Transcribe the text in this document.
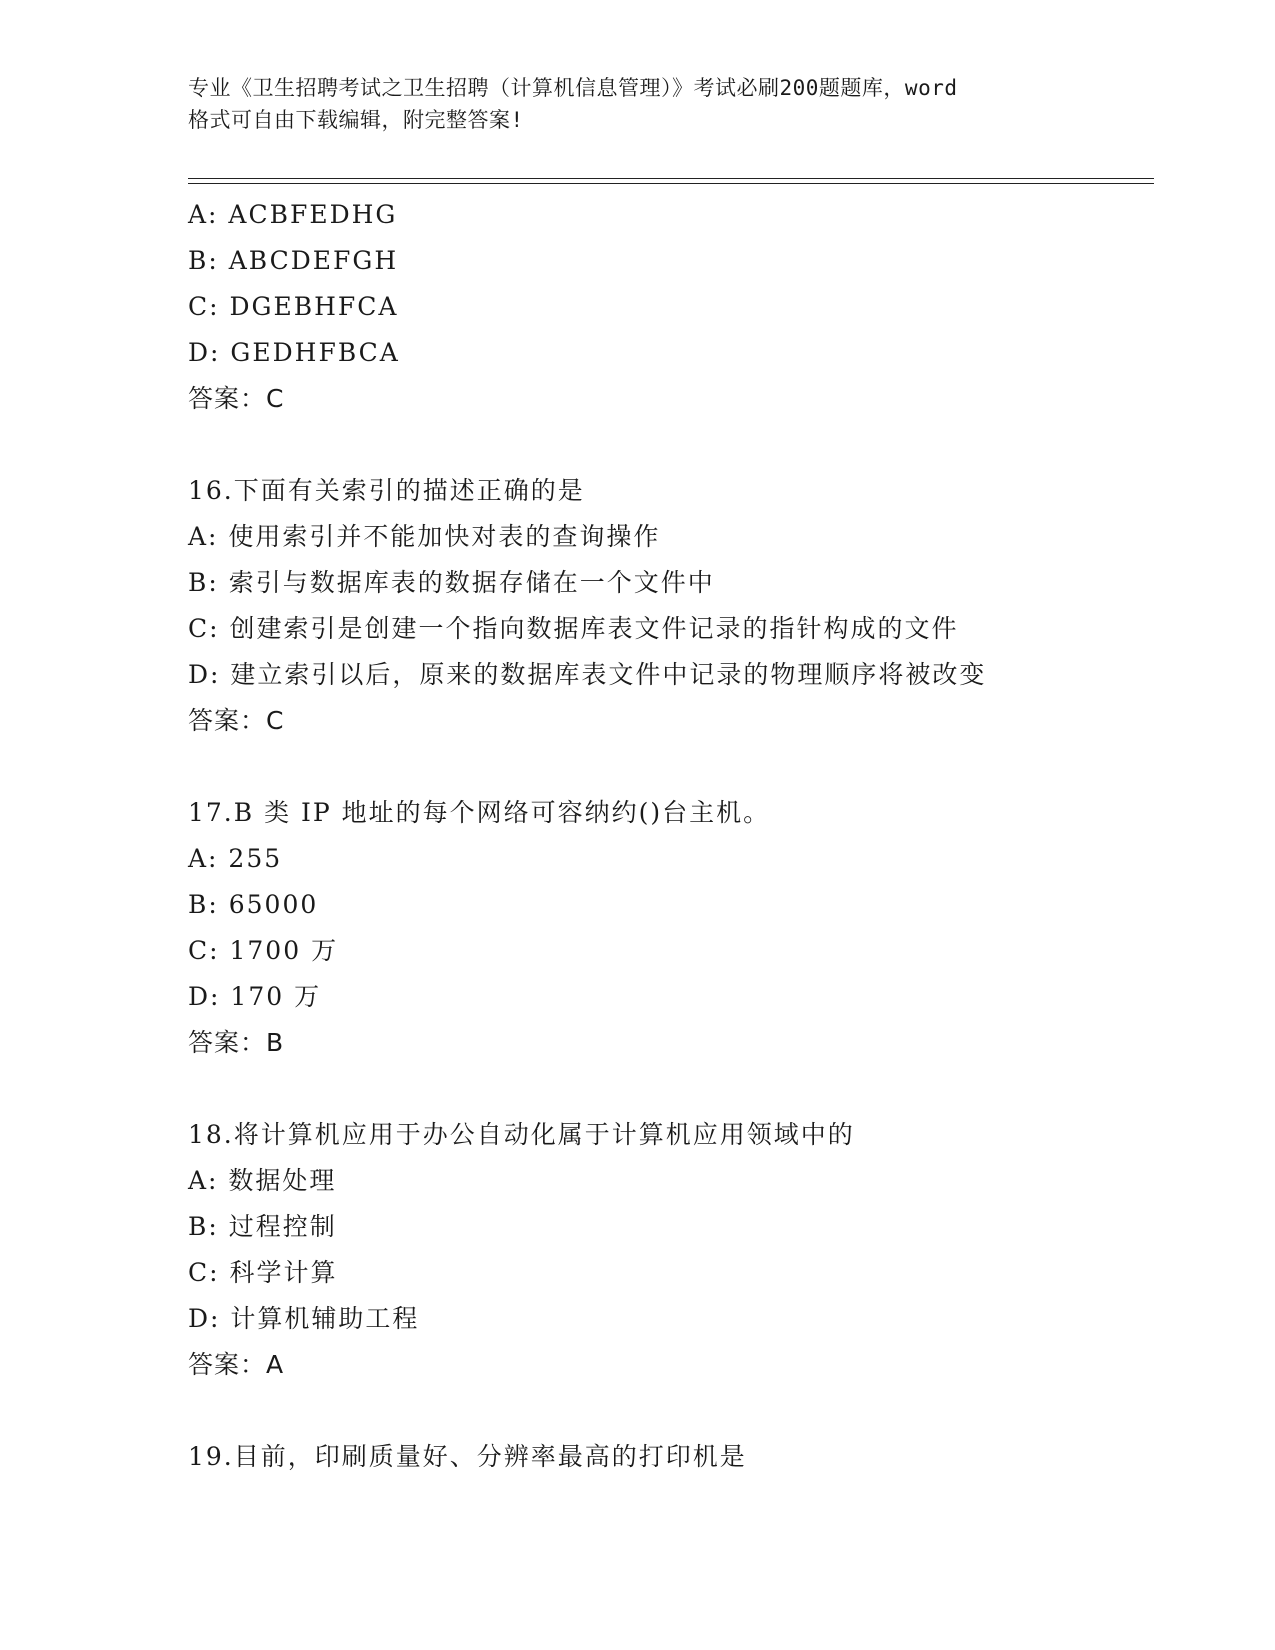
专业《卫生招聘考试之卫生招聘（计算机信息管理）》考试必刷200题题库，word
格式可自由下载编辑，附完整答案!
A: ACBFEDHG
B: ABCDEFGH
C: DGEBHFCA
D: GEDHFBCA
答案：C
16.下面有关索引的描述正确的是
A: 使用索引并不能加快对表的查询操作
B: 索引与数据库表的数据存储在一个文件中
C: 创建索引是创建一个指向数据库表文件记录的指针构成的文件
D: 建立索引以后，原来的数据库表文件中记录的物理顺序将被改变
答案：C
17.B 类 IP 地址的每个网络可容纳约()台主机。
A: 255
B: 65000
C: 1700 万
D: 170 万
答案：B
18.将计算机应用于办公自动化属于计算机应用领域中的
A: 数据处理
B: 过程控制
C: 科学计算
D: 计算机辅助工程
答案：A
19.目前，印刷质量好、分辨率最高的打印机是
